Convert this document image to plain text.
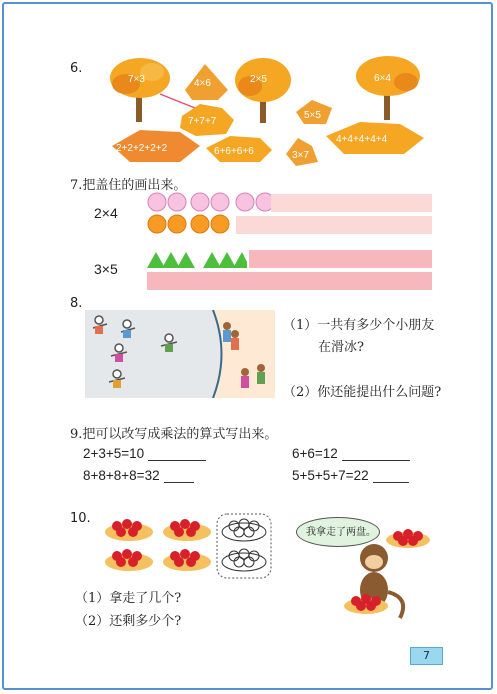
6.
7×3	4×6	2×5
5×5
6×4
7+7+7
2+2+2+2+2	6+6+6+6	3×7
4+4+4+4+4
7.把盖住的画出来。
2×4
3×5
8.
（1）一共有多少个小朋友
在滑冰?
（2）你还能提出什么问题?
9.把可以改写成乘法的算式写出来。
2+3+5=10	6+6=12
8+8+8+8=32	5+5+5+7=22
10.
我拿走了两盘。
（1）拿走了几个?
（2）还剩多少个?
7
